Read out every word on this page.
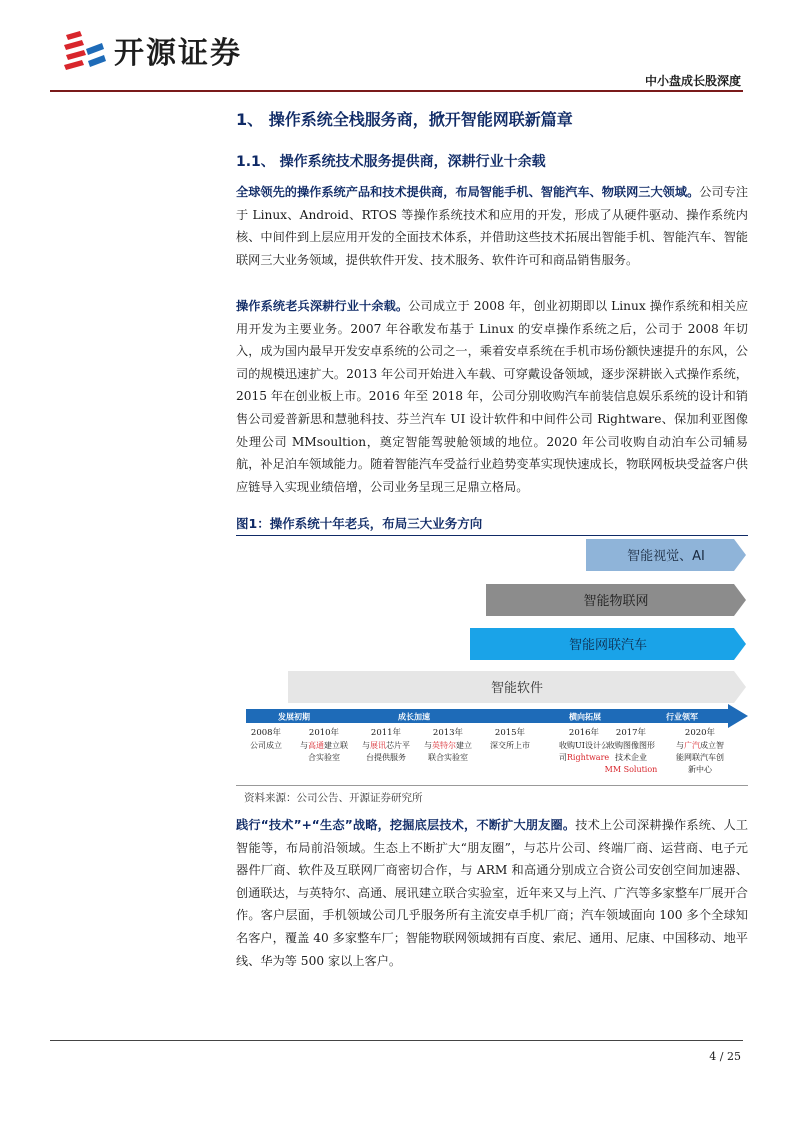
开源证券
中小盘成长股深度
1、 操作系统全栈服务商，掀开智能网联新篇章
1.1、 操作系统技术服务提供商，深耕行业十余载
全球领先的操作系统产品和技术提供商，布局智能手机、智能汽车、物联网三大领域。公司专注于 Linux、Android、RTOS 等操作系统技术和应用的开发，形成了从硬件驱动、操作系统内核、中间件到上层应用开发的全面技术体系，并借助这些技术拓展出智能手机、智能汽车、智能联网三大业务领域，提供软件开发、技术服务、软件许可和商品销售服务。
操作系统老兵深耕行业十余载。公司成立于 2008 年，创业初期即以 Linux 操作系统和相关应用开发为主要业务。2007 年谷歌发布基于 Linux 的安卓操作系统之后，公司于 2008 年切入，成为国内最早开发安卓系统的公司之一，乘着安卓系统在手机市场份额快速提升的东风，公司的规模迅速扩大。2013 年公司开始进入车载、可穿戴设备领域，逐步深耕嵌入式操作系统，2015 年在创业板上市。2016 年至 2018 年，公司分别收购汽车前装信息娱乐系统的设计和销售公司爱普新思和慧驰科技、芬兰汽车 UI 设计软件和中间件公司 Rightware、保加利亚图像处理公司 MMsoultion，奠定智能驾驶舱领域的地位。2020 年公司收购自动泊车公司辅易航，补足泊车领域能力。随着智能汽车受益行业趋势变革实现快速成长，物联网板块受益客户供应链导入实现业绩倍增，公司业务呈现三足鼎立格局。
图1：操作系统十年老兵，布局三大业务方向
智能视觉、AI
智能物联网
智能网联汽车
智能软件
发展初期	成长加速	横向拓展	行业领军
2008年
公司成立
2010年
与高通建立联
合实验室
2011年
与展讯芯片平
台提供服务
2013年
与英特尔建立
联合实验室
2015年
深交所上市
2016年
收购UI设计公
司Rightware
2017年
收购图像图形
技术企业
MM Solution
2020年
与广汽成立智
能网联汽车创
新中心
资料来源：公司公告、开源证券研究所
践行“技术”+“生态”战略，挖掘底层技术，不断扩大朋友圈。技术上公司深耕操作系统、人工智能等，布局前沿领域。生态上不断扩大“朋友圈”，与芯片公司、终端厂商、运营商、电子元器件厂商、软件及互联网厂商密切合作，与 ARM 和高通分别成立合资公司安创空间加速器、创通联达，与英特尔、高通、展讯建立联合实验室，近年来又与上汽、广汽等多家整车厂展开合作。客户层面，手机领域公司几乎服务所有主流安卓手机厂商；汽车领域面向 100 多个全球知名客户，覆盖 40 多家整车厂；智能物联网领域拥有百度、索尼、通用、尼康、中国移动、地平线、华为等 500 家以上客户。
4 / 25
